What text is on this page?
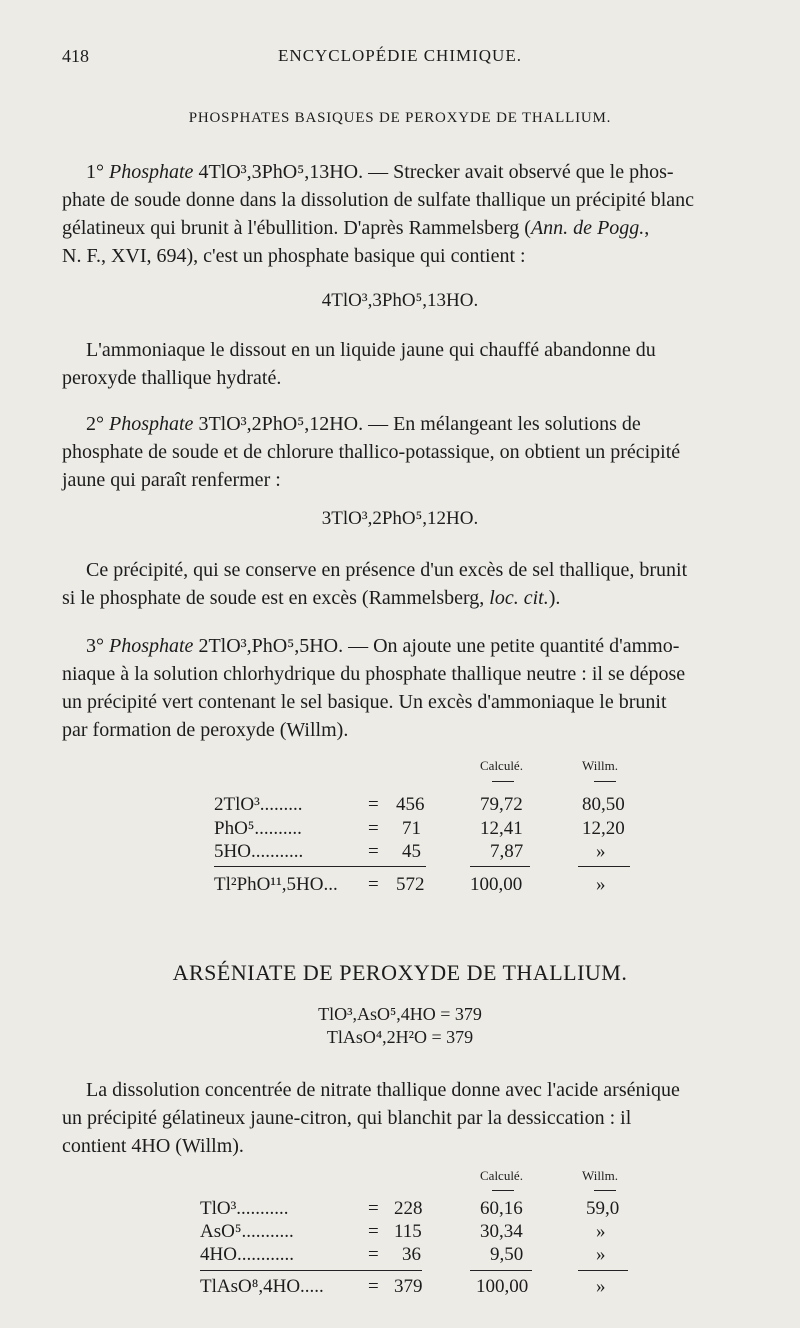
418	ENCYCLOPÉDIE CHIMIQUE.
PHOSPHATES BASIQUES DE PEROXYDE DE THALLIUM.
1° Phosphate 4TlO³,3PhO⁵,13HO. — Strecker avait observé que le phos-
phate de soude donne dans la dissolution de sulfate thallique un précipité blanc
gélatineux qui brunit à l'ébullition. D'après Rammelsberg (Ann. de Pogg.,
N. F., XVI, 694), c'est un phosphate basique qui contient :
4TlO³,3PhO⁵,13HO.
L'ammoniaque le dissout en un liquide jaune qui chauffé abandonne du
peroxyde thallique hydraté.
2° Phosphate 3TlO³,2PhO⁵,12HO. — En mélangeant les solutions de
phosphate de soude et de chlorure thallico-potassique, on obtient un précipité
jaune qui paraît renfermer :
3TlO³,2PhO⁵,12HO.
Ce précipité, qui se conserve en présence d'un excès de sel thallique, brunit
si le phosphate de soude est en excès (Rammelsberg, loc. cit.).
3° Phosphate 2TlO³,PhO⁵,5HO. — On ajoute une petite quantité d'ammo-
niaque à la solution chlorhydrique du phosphate thallique neutre : il se dépose
un précipité vert contenant le sel basique. Un excès d'ammoniaque le brunit
par formation de peroxyde (Willm).
Calculé.	Willm.
2TlO³.........	= 456	79,72	80,50
PhO⁵..........	= 71	12,41	12,20
5HO...........	= 45	7,87	»
Tl²PhO¹¹,5HO... = 572 100,00	»
ARSÉNIATE DE PEROXYDE DE THALLIUM.
TlO³,AsO⁵,4HO = 379
TlAsO⁴,2H²O = 379
La dissolution concentrée de nitrate thallique donne avec l'acide arsénique
un précipité gélatineux jaune-citron, qui blanchit par la dessiccation : il
contient 4HO (Willm).
Calculé.	Willm.
TlO³...........	= 228	60,16	59,0
AsO⁵...........	= 115	30,34	»
4HO............	= 36	9,50	»
TlAsO⁸,4HO..... = 379	100,00	»
